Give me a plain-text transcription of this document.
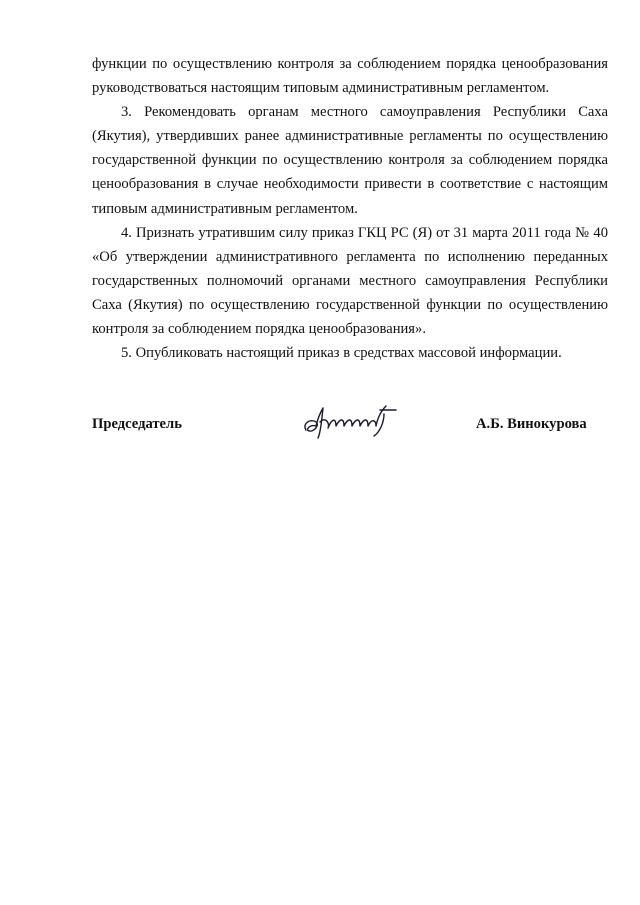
функции по осуществлению контроля за соблюдением порядка ценообразования руководствоваться настоящим типовым административным регламентом.

3. Рекомендовать органам местного самоуправления Республики Саха (Якутия), утвердивших ранее административные регламенты по осуществлению государственной функции по осуществлению контроля за соблюдением порядка ценообразования в случае необходимости привести в соответствие с настоящим типовым административным регламентом.

4. Признать утратившим силу приказ ГКЦ РС (Я) от 31 марта 2011 года № 40 «Об утверждении административного регламента по исполнению переданных государственных полномочий органами местного самоуправления Республики Саха (Якутия) по осуществлению государственной функции по осуществлению контроля за соблюдением порядка ценообразования».

5. Опубликовать настоящий приказ в средствах массовой информации.

Председатель	А.Б. Винокурова
